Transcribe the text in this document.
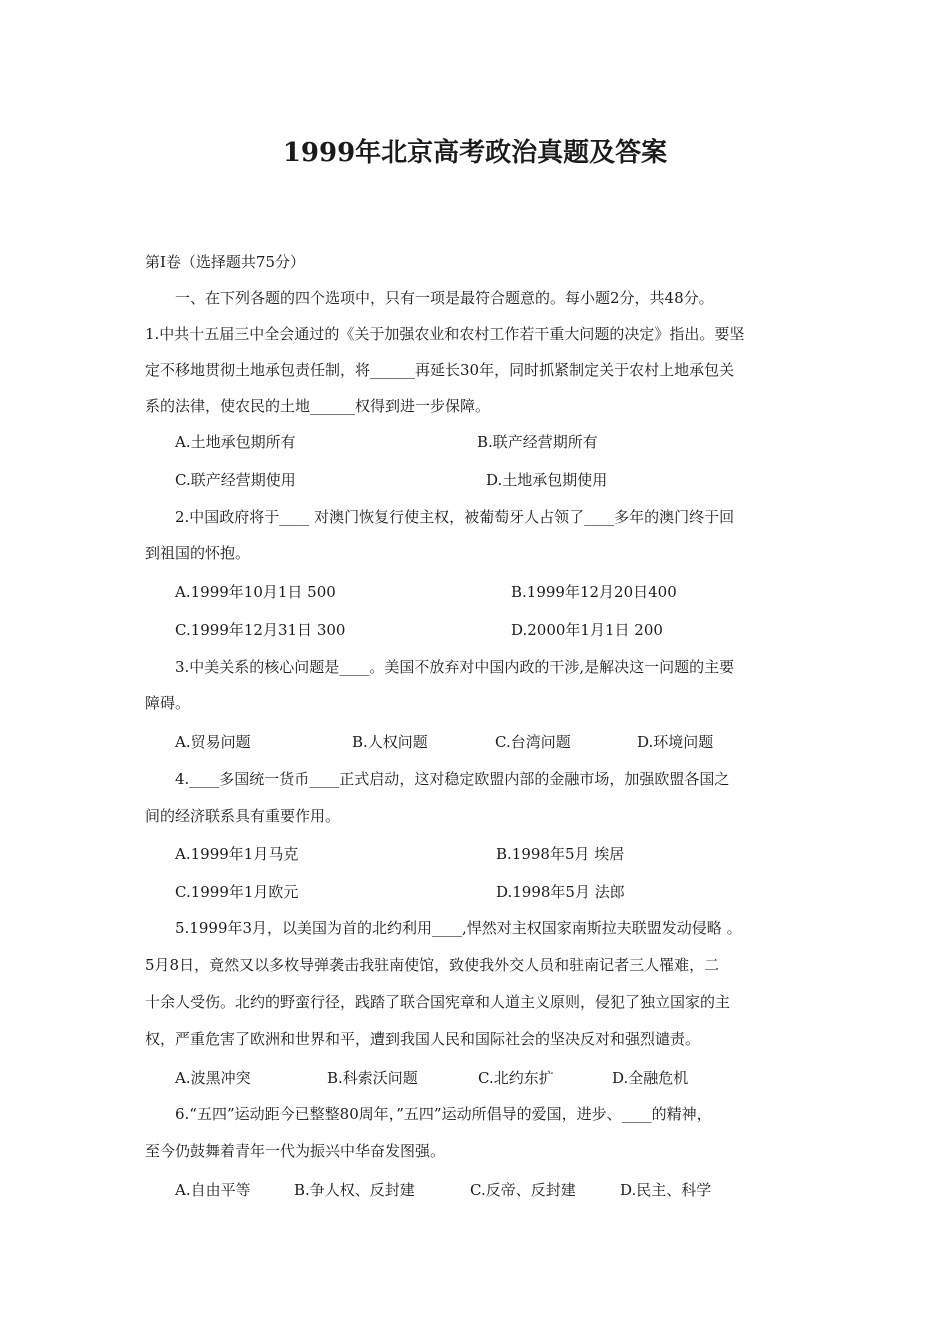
1999年北京高考政治真题及答案
第Ⅰ卷（选择题共75分）
一、在下列各题的四个选项中，只有一项是最符合题意的。每小题2分，共48分。
1.中共十五届三中全会通过的《关于加强农业和农村工作若干重大问题的决定》指出。要坚
定不移地贯彻土地承包责任制，将______再延长30年，同时抓紧制定关于农村上地承包关
系的法律，使农民的土地______权得到进一步保障。
A.土地承包期所有	B.联产经营期所有
C.联产经营期使用	D.土地承包期使用
2.中国政府将于____ 对澳门恢复行使主权，被葡萄牙人占领了____多年的澳门终于回
到祖国的怀抱。
A.1999年10月1日 500	B.1999年12月20日400
C.1999年12月31日 300	D.2000年1月1日 200
3.中美关系的核心问题是____。美国不放弃对中国内政的干涉,是解决这一问题的主要
障碍。
A.贸易问题	B.人权问题	C.台湾问题	D.环境问题
4.____多国统一货币____正式启动，这对稳定欧盟内部的金融市场，加强欧盟各国之
间的经济联系具有重要作用。
A.1999年1月马克	B.1998年5月 埃居
C.1999年1月欧元	D.1998年5月 法郎
5.1999年3月，以美国为首的北约利用____,悍然对主权国家南斯拉夫联盟发动侵略 。
5月8日，竟然又以多枚导弹袭击我驻南使馆，致使我外交人员和驻南记者三人罹难，二
十余人受伤。北约的野蛮行径，践踏了联合国宪章和人道主义原则，侵犯了独立国家的主
权，严重危害了欧洲和世界和平，遭到我国人民和国际社会的坚决反对和强烈谴责。
A.波黑冲突	B.科索沃问题	C.北约东扩	D.全融危机
6.“五四”运动距今已整整80周年，”五四”运动所倡导的爱国，进步、____的精神，
至今仍鼓舞着青年一代为振兴中华奋发图强。
A.自由平等	B.争人权、反封建	C.反帝、反封建	D.民主、科学
